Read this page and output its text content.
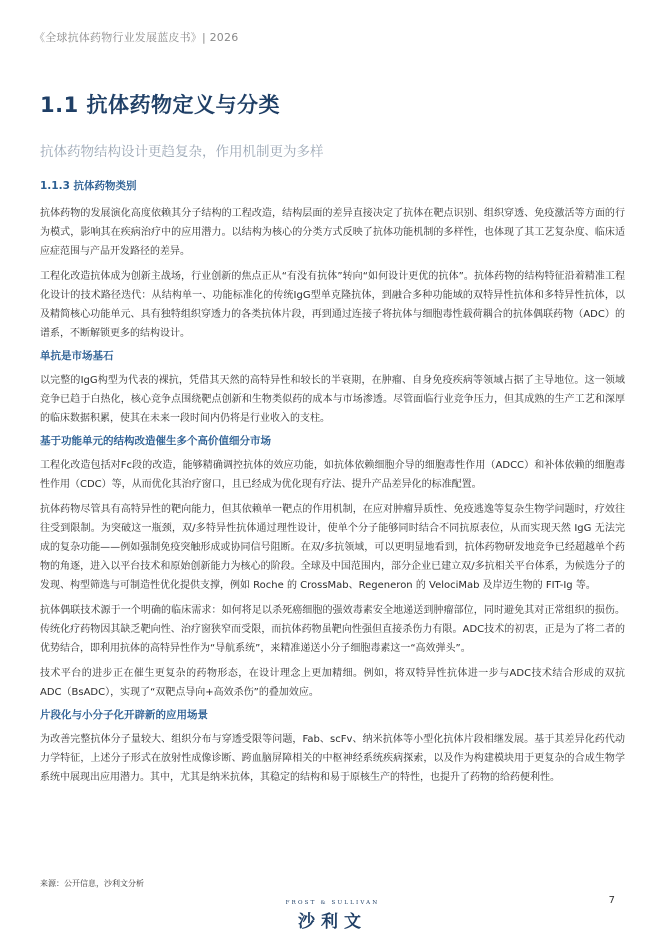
《全球抗体药物行业发展蓝皮书》| 2026
1.1 抗体药物定义与分类
抗体药物结构设计更趋复杂，作用机制更为多样
1.1.3 抗体药物类别

抗体药物的发展演化高度依赖其分子结构的工程改造，结构层面的差异直接决定了抗体在靶点识别、组织穿透、免疫激活等方面的行为模式，影响其在疾病治疗中的应用潜力。以结构为核心的分类方式反映了抗体功能机制的多样性，也体现了其工艺复杂度、临床适应症范围与产品开发路径的差异。

工程化改造抗体成为创新主战场，行业创新的焦点正从“有没有抗体”转向“如何设计更优的抗体”。抗体药物的结构特征沿着精准工程化设计的技术路径迭代：从结构单一、功能标准化的传统IgG型单克隆抗体，到融合多种功能域的双特异性抗体和多特异性抗体，以及精简核心功能单元、具有独特组织穿透力的各类抗体片段，再到通过连接子将抗体与细胞毒性载荷耦合的抗体偶联药物（ADC）的谱系，不断解锁更多的结构设计。

单抗是市场基石

以完整的IgG构型为代表的裸抗，凭借其天然的高特异性和较长的半衰期，在肿瘤、自身免疫疾病等领域占据了主导地位。这一领域竞争已趋于白热化，核心竞争点围绕靶点创新和生物类似药的成本与市场渗透。尽管面临行业竞争压力，但其成熟的生产工艺和深厚的临床数据积累，使其在未来一段时间内仍将是行业收入的支柱。

基于功能单元的结构改造催生多个高价值细分市场

工程化改造包括对Fc段的改造，能够精确调控抗体的效应功能，如抗体依赖细胞介导的细胞毒性作用（ADCC）和补体依赖的细胞毒性作用（CDC）等，从而优化其治疗窗口，且已经成为优化现有疗法、提升产品差异化的标准配置。

抗体药物尽管具有高特异性的靶向能力，但其依赖单一靶点的作用机制，在应对肿瘤异质性、免疫逃逸等复杂生物学问题时，疗效往往受到限制。为突破这一瓶颈，双/多特异性抗体通过理性设计，使单个分子能够同时结合不同抗原表位，从而实现天然 IgG 无法完成的复杂功能——例如强制免疫突触形成或协同信号阻断。在双/多抗领域，可以更明显地看到，抗体药物研发地竞争已经超越单个药物的角逐，进入以平台技术和原始创新能力为核心的阶段。全球及中国范围内，部分企业已建立双/多抗相关平台体系，为候选分子的发现、构型筛选与可制造性优化提供支撑，例如 Roche 的 CrossMab、Regeneron 的 VelociMab 及岸迈生物的 FIT-Ig 等。

抗体偶联技术源于一个明确的临床需求：如何将足以杀死癌细胞的强效毒素安全地递送到肿瘤部位，同时避免其对正常组织的损伤。传统化疗药物因其缺乏靶向性、治疗窗狭窄而受限，而抗体药物虽靶向性强但直接杀伤力有限。ADC技术的初衷，正是为了将二者的优势结合，即利用抗体的高特异性作为“导航系统”，来精准递送小分子细胞毒素这一“高效弹头”。

技术平台的进步正在催生更复杂的药物形态，在设计理念上更加精细。例如，将双特异性抗体进一步与ADC技术结合形成的双抗 ADC（BsADC），实现了“双靶点导向+高效杀伤”的叠加效应。

片段化与小分子化开辟新的应用场景

为改善完整抗体分子量较大、组织分布与穿透受限等问题，Fab、scFv、纳米抗体等小型化抗体片段相继发展。基于其差异化药代动力学特征，上述分子形式在放射性成像诊断、跨血脑屏障相关的中枢神经系统疾病探索，以及作为构建模块用于更复杂的合成生物学系统中展现出应用潜力。其中，尤其是纳米抗体，其稳定的结构和易于原核生产的特性，也提升了药物的给药便利性。

来源：公开信息，沙利文分析
FROST & SULLIVAN
沙利文
7
